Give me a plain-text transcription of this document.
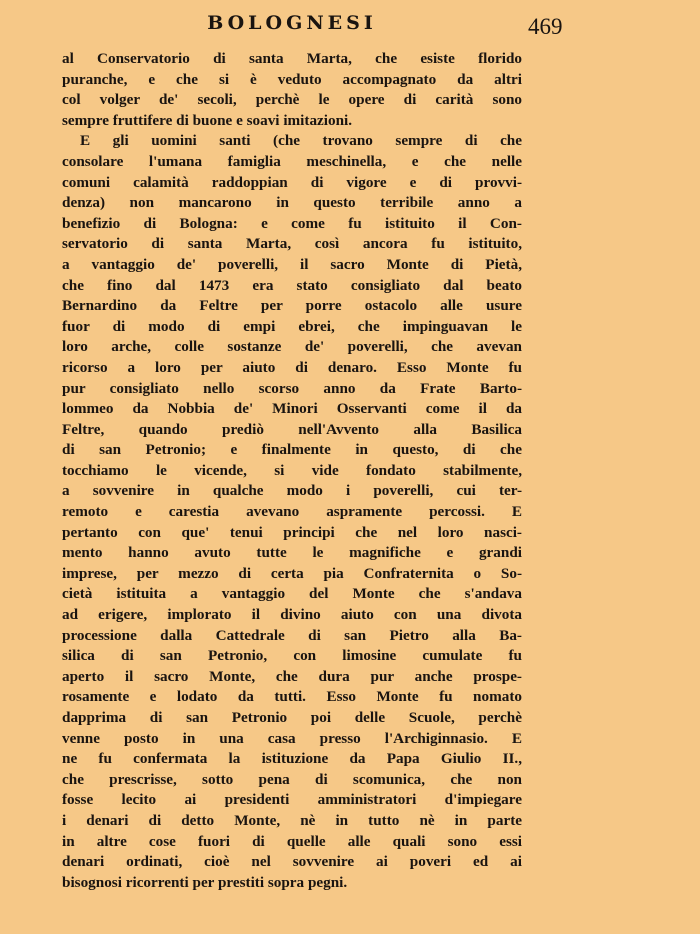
BOLOGNESI	469
al Conservatorio di santa Marta, che esiste florido
puranche, e che si è veduto accompagnato da altri
col volger de' secoli, perchè le opere di carità sono
sempre fruttifere di buone e soavi imitazioni.
E gli uomini santi (che trovano sempre di che
consolare l'umana famiglia meschinella, e che nelle
comuni calamità raddoppian di vigore e di provvi-
denza) non mancarono in questo terribile anno a
benefizio di Bologna: e come fu istituito il Con-
servatorio di santa Marta, così ancora fu istituito,
a vantaggio de' poverelli, il sacro Monte di Pietà,
che fino dal 1473 era stato consigliato dal beato
Bernardino da Feltre per porre ostacolo alle usure
fuor di modo di empi ebrei, che impinguavan le
loro arche, colle sostanze de' poverelli, che avevan
ricorso a loro per aiuto di denaro. Esso Monte fu
pur consigliato nello scorso anno da Frate Barto-
lommeo da Nobbia de' Minori Osservanti come il da
Feltre, quando prediò nell'Avvento alla Basilica
di san Petronio; e finalmente in questo, di che
tocchiamo le vicende, si vide fondato stabilmente,
a sovvenire in qualche modo i poverelli, cui ter-
remoto e carestia avevano aspramente percossi. E
pertanto con que' tenui principi che nel loro nasci-
mento hanno avuto tutte le magnifiche e grandi
imprese, per mezzo di certa pia Confraternita o So-
cietà istituita a vantaggio del Monte che s'andava
ad erigere, implorato il divino aiuto con una divota
processione dalla Cattedrale di san Pietro alla Ba-
silica di san Petronio, con limosine cumulate fu
aperto il sacro Monte, che dura pur anche prospe-
rosamente e lodato da tutti. Esso Monte fu nomato
dapprima di san Petronio poi delle Scuole, perchè
venne posto in una casa presso l'Archiginnasio. E
ne fu confermata la istituzione da Papa Giulio II.,
che prescrisse, sotto pena di scomunica, che non
fosse lecito ai presidenti amministratori d'impiegare
i denari di detto Monte, nè in tutto nè in parte
in altre cose fuori di quelle alle quali sono essi
denari ordinati, cioè nel sovvenire ai poveri ed ai
bisognosi ricorrenti per prestiti sopra pegni.
